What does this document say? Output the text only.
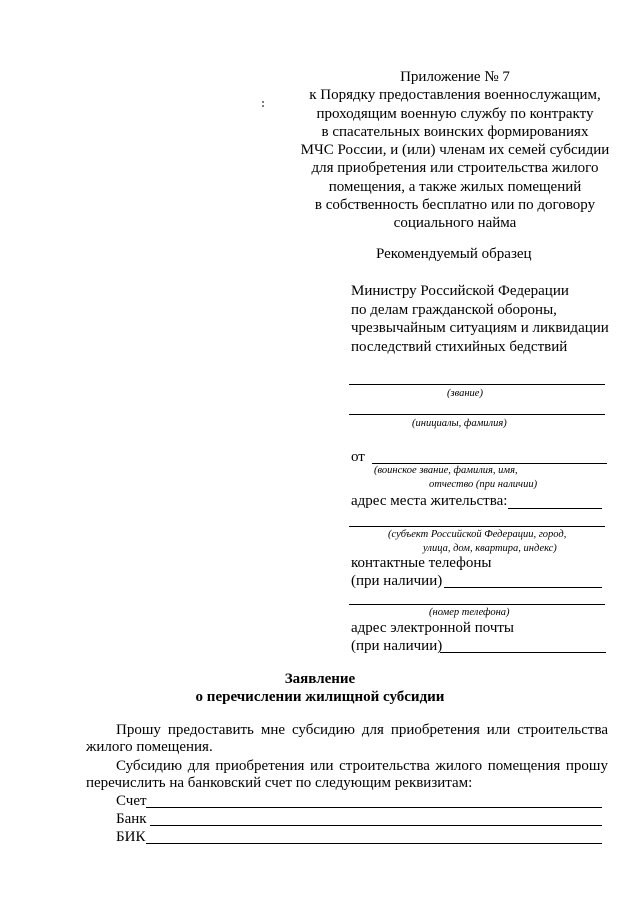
Приложение № 7
к Порядку предоставления военнослужащим,
проходящим военную службу по контракту
в спасательных воинских формированиях
МЧС России, и (или) членам их семей субсидии
для приобретения или строительства жилого
помещения, а также жилых помещений
в собственность бесплатно или по договору
социального найма
Рекомендуемый образец
Министру Российской Федерации
по делам гражданской обороны,
чрезвычайным ситуациям и ликвидации
последствий стихийных бедствий
(звание)
(инициалы, фамилия)
от
(воинское звание, фамилия, имя,
отчество (при наличии)
адрес места жительства:
(субъект Российской Федерации, город,
улица, дом, квартира, индекс)
контактные телефоны
(при наличии)
(номер телефона)
адрес электронной почты
(при наличии)
Заявление
о перечислении жилищной субсидии
Прошу предоставить мне субсидию для приобретения или строительства
жилого помещения.
Субсидию для приобретения или строительства жилого помещения прошу
перечислить на банковский счет по следующим реквизитам:
Счет
Банк
БИК
